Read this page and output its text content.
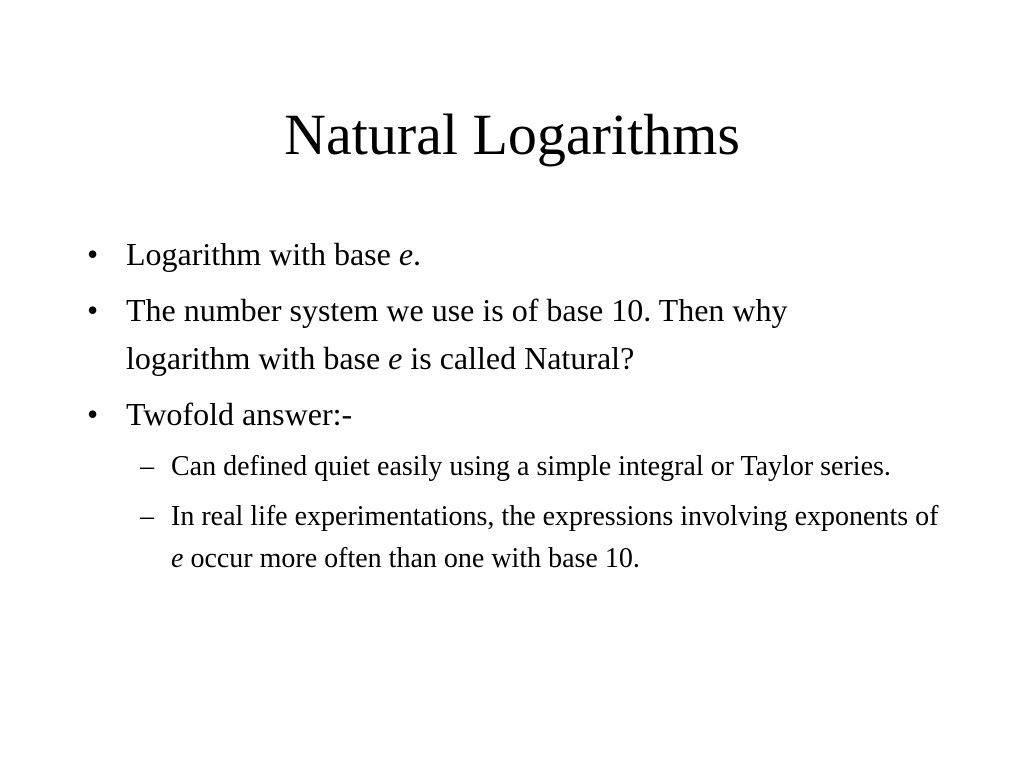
Natural Logarithms

• Logarithm with base e.

• The number system we use is of base 10. Then why logarithm with base e is called Natural?

• Twofold answer:-

– Can defined quiet easily using a simple integral or Taylor series.

– In real life experimentations, the expressions involving exponents of e occur more often than one with base 10.
